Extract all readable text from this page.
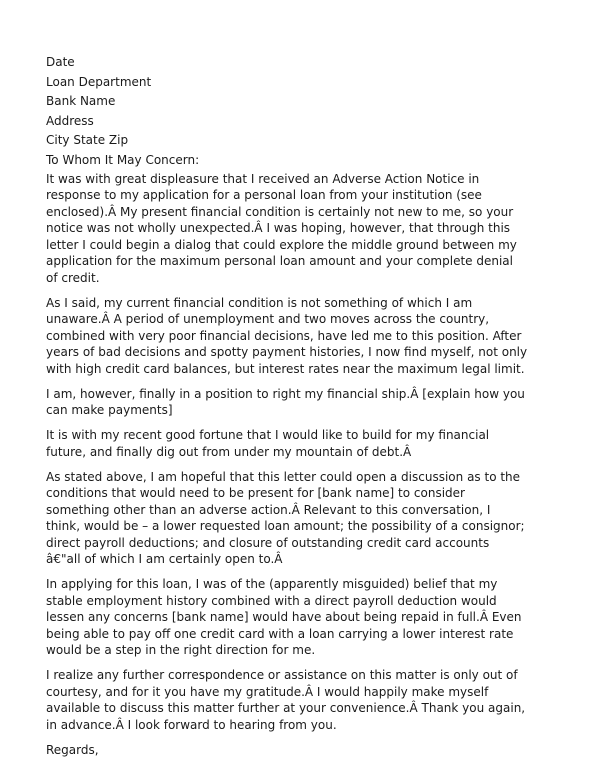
Date
Loan Department
Bank Name
Address
City State Zip
To Whom It May Concern:
It was with great displeasure that I received an Adverse Action Notice in
response to my application for a personal loan from your institution (see
enclosed).Â My present financial condition is certainly not new to me, so your
notice was not wholly unexpected.Â I was hoping, however, that through this
letter I could begin a dialog that could explore the middle ground between my
application for the maximum personal loan amount and your complete denial
of credit.
As I said, my current financial condition is not something of which I am
unaware.Â A period of unemployment and two moves across the country,
combined with very poor financial decisions, have led me to this position. After
years of bad decisions and spotty payment histories, I now find myself, not only
with high credit card balances, but interest rates near the maximum legal limit.
I am, however, finally in a position to right my financial ship.Â [explain how you
can make payments]
It is with my recent good fortune that I would like to build for my financial
future, and finally dig out from under my mountain of debt.Â
As stated above, I am hopeful that this letter could open a discussion as to the
conditions that would need to be present for [bank name] to consider
something other than an adverse action.Â Relevant to this conversation, I
think, would be – a lower requested loan amount; the possibility of a consignor;
direct payroll deductions; and closure of outstanding credit card accounts
â€"all of which I am certainly open to.Â
In applying for this loan, I was of the (apparently misguided) belief that my
stable employment history combined with a direct payroll deduction would
lessen any concerns [bank name] would have about being repaid in full.Â Even
being able to pay off one credit card with a loan carrying a lower interest rate
would be a step in the right direction for me.
I realize any further correspondence or assistance on this matter is only out of
courtesy, and for it you have my gratitude.Â I would happily make myself
available to discuss this matter further at your convenience.Â Thank you again,
in advance.Â I look forward to hearing from you.
Regards,
